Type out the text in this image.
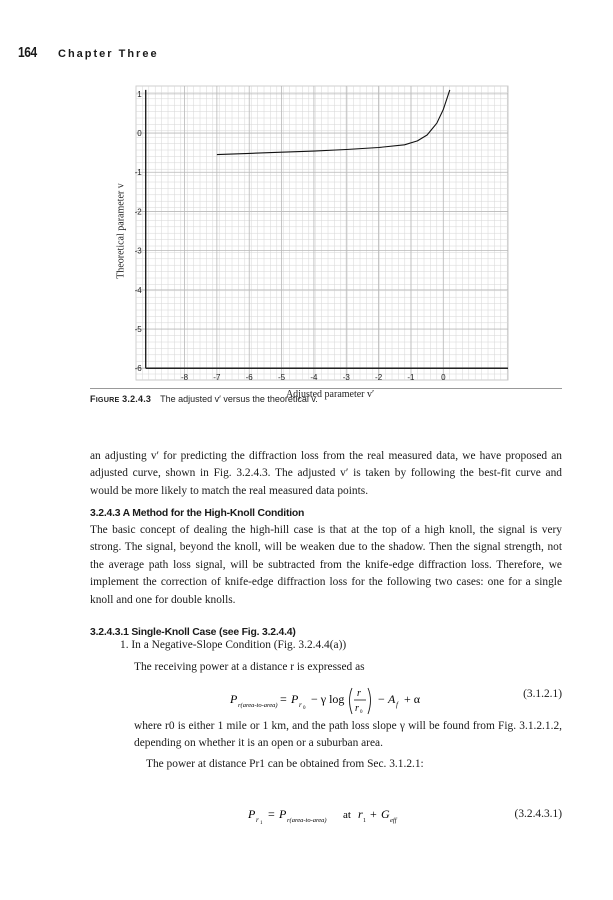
164	Chapter Three
-8	-7	-6	-5	-4	-3	-2	-1	0
1
0
-1
-2
-3
-4
-5
-6
Adjusted parameter v′
Theoretical parameter v
FIGURE 3.2.4.3 The adjusted v′ versus the theoretical v.
an adjusting v′ for predicting the diffraction loss from the real measured data, we have proposed an adjusted curve, shown in Fig. 3.2.4.3. The adjusted v′ is taken by following the best-fit curve and would be more likely to match the real measured data points.
3.2.4.3 A Method for the High-Knoll Condition
The basic concept of dealing the high-hill case is that at the top of a high knoll, the signal is very strong. The signal, beyond the knoll, will be weaken due to the shadow. Then the signal strength, not the average path loss signal, will be subtracted from the knife-edge diffraction loss. Therefore, we implement the correction of knife-edge diffraction loss for the following two cases: one for a single knoll and one for double knolls.
3.2.4.3.1 Single-Knoll Case (see Fig. 3.2.4.4)
1. In a Negative-Slope Condition (Fig. 3.2.4.4(a))
The receiving power at a distance r is expressed as
P r(area-to-area) = P r 0
− γ log r
r 0
− A f + α	(3.1.2.1)
where r0 is either 1 mile or 1 km, and the path loss slope γ will be found from Fig. 3.1.2.1.2, depending on whether it is an open or a suburban area.
The power at distance Pr1 can be obtained from Sec. 3.1.2.1:
P r 1
= P r(area-to-area) at r 1 + G eff
(3.2.4.3.1)
